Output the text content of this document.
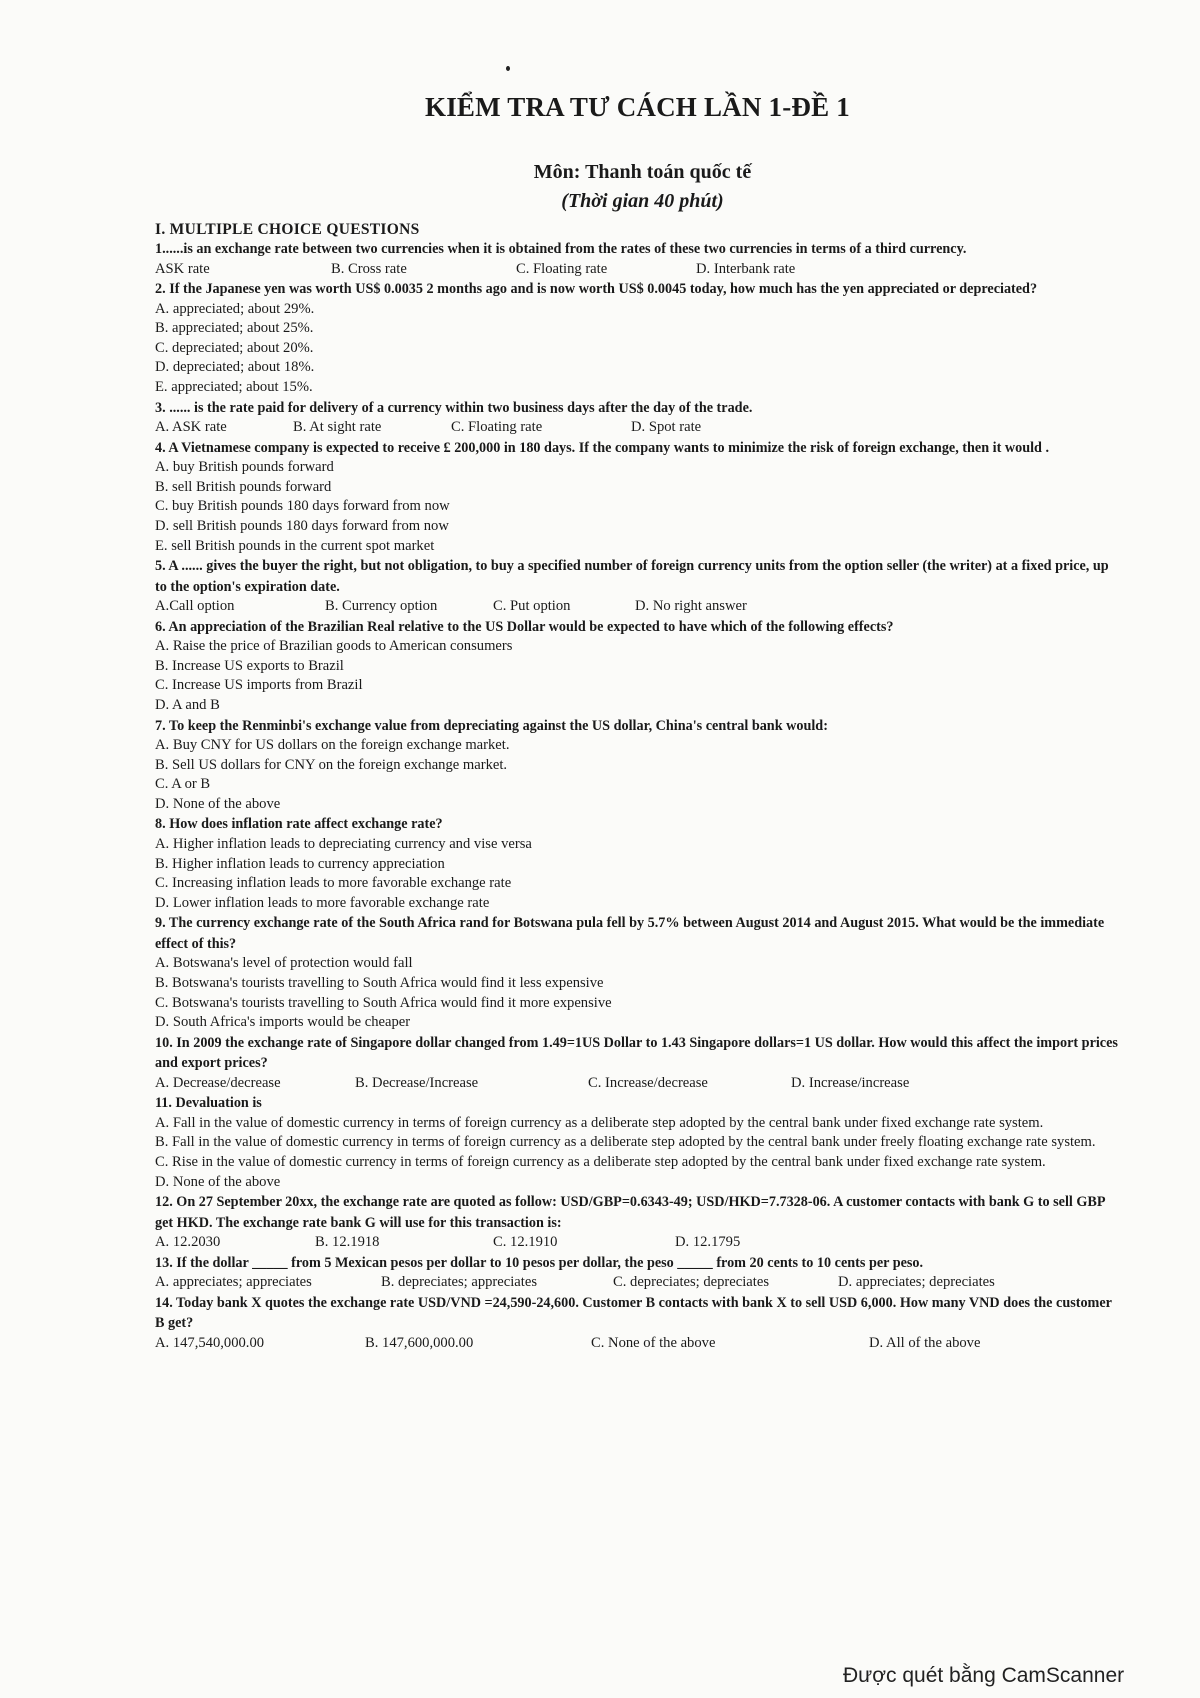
KIỂM TRA TƯ CÁCH LẦN 1-ĐỀ 1
Môn: Thanh toán quốc tế
(Thời gian 40 phút)
I. MULTIPLE CHOICE QUESTIONS
1......is an exchange rate between two currencies when it is obtained from the rates of these two currencies in terms of a third currency.
ASK rate	B. Cross rate	C. Floating rate	D. Interbank rate
2. If the Japanese yen was worth US$ 0.0035 2 months ago and is now worth US$ 0.0045 today, how much has the yen appreciated or depreciated?
A. appreciated; about 29%.
B. appreciated; about 25%.
C. depreciated; about 20%.
D. depreciated; about 18%.
E. appreciated; about 15%.
3. ...... is the rate paid for delivery of a currency within two business days after the day of the trade.
A. ASK rate	B. At sight rate	C. Floating rate	D. Spot rate
4. A Vietnamese company is expected to receive £ 200,000 in 180 days. If the company wants to minimize the risk of foreign exchange, then it would .
A. buy British pounds forward
B. sell British pounds forward
C. buy British pounds 180 days forward from now
D. sell British pounds 180 days forward from now
E. sell British pounds in the current spot market
5. A ...... gives the buyer the right, but not obligation, to buy a specified number of foreign currency units from the option seller (the writer) at a fixed price, up to the option's expiration date.
A.Call option	B. Currency option	C. Put option	D. No right answer
6. An appreciation of the Brazilian Real relative to the US Dollar would be expected to have which of the following effects?
A. Raise the price of Brazilian goods to American consumers
B. Increase US exports to Brazil
C. Increase US imports from Brazil
D. A and B
7. To keep the Renminbi's exchange value from depreciating against the US dollar, China's central bank would:
A. Buy CNY for US dollars on the foreign exchange market.
B. Sell US dollars for CNY on the foreign exchange market.
C. A or B
D. None of the above
8. How does inflation rate affect exchange rate?
A. Higher inflation leads to depreciating currency and vise versa
B. Higher inflation leads to currency appreciation
C. Increasing inflation leads to more favorable exchange rate
D. Lower inflation leads to more favorable exchange rate
9. The currency exchange rate of the South Africa rand for Botswana pula fell by 5.7% between August 2014 and August 2015. What would be the immediate effect of this?
A. Botswana's level of protection would fall
B. Botswana's tourists travelling to South Africa would find it less expensive
C. Botswana's tourists travelling to South Africa would find it more expensive
D. South Africa's imports would be cheaper
10. In 2009 the exchange rate of Singapore dollar changed from 1.49=1US Dollar to 1.43 Singapore dollars=1 US dollar. How would this affect the import prices and export prices?
A. Decrease/decrease	B. Decrease/Increase	C. Increase/decrease	D. Increase/increase
11. Devaluation is
A. Fall in the value of domestic currency in terms of foreign currency as a deliberate step adopted by the central bank under fixed exchange rate system.
B. Fall in the value of domestic currency in terms of foreign currency as a deliberate step adopted by the central bank under freely floating exchange rate system.
C. Rise in the value of domestic currency in terms of foreign currency as a deliberate step adopted by the central bank under fixed exchange rate system.
D. None of the above
12. On 27 September 20xx, the exchange rate are quoted as follow: USD/GBP=0.6343-49; USD/HKD=7.7328-06. A customer contacts with bank G to sell GBP get HKD. The exchange rate bank G will use for this transaction is:
A. 12.2030	B. 12.1918	C. 12.1910	D. 12.1795
13. If the dollar _____ from 5 Mexican pesos per dollar to 10 pesos per dollar, the peso _____ from 20 cents to 10 cents per peso.
A. appreciates; appreciates	B. depreciates; appreciates	C. depreciates; depreciates	D. appreciates; depreciates
14. Today bank X quotes the exchange rate USD/VND =24,590-24,600. Customer B contacts with bank X to sell USD 6,000. How many VND does the customer B get?
A. 147,540,000.00	B. 147,600,000.00	C. None of the above	D. All of the above
Được quét bằng CamScanner
